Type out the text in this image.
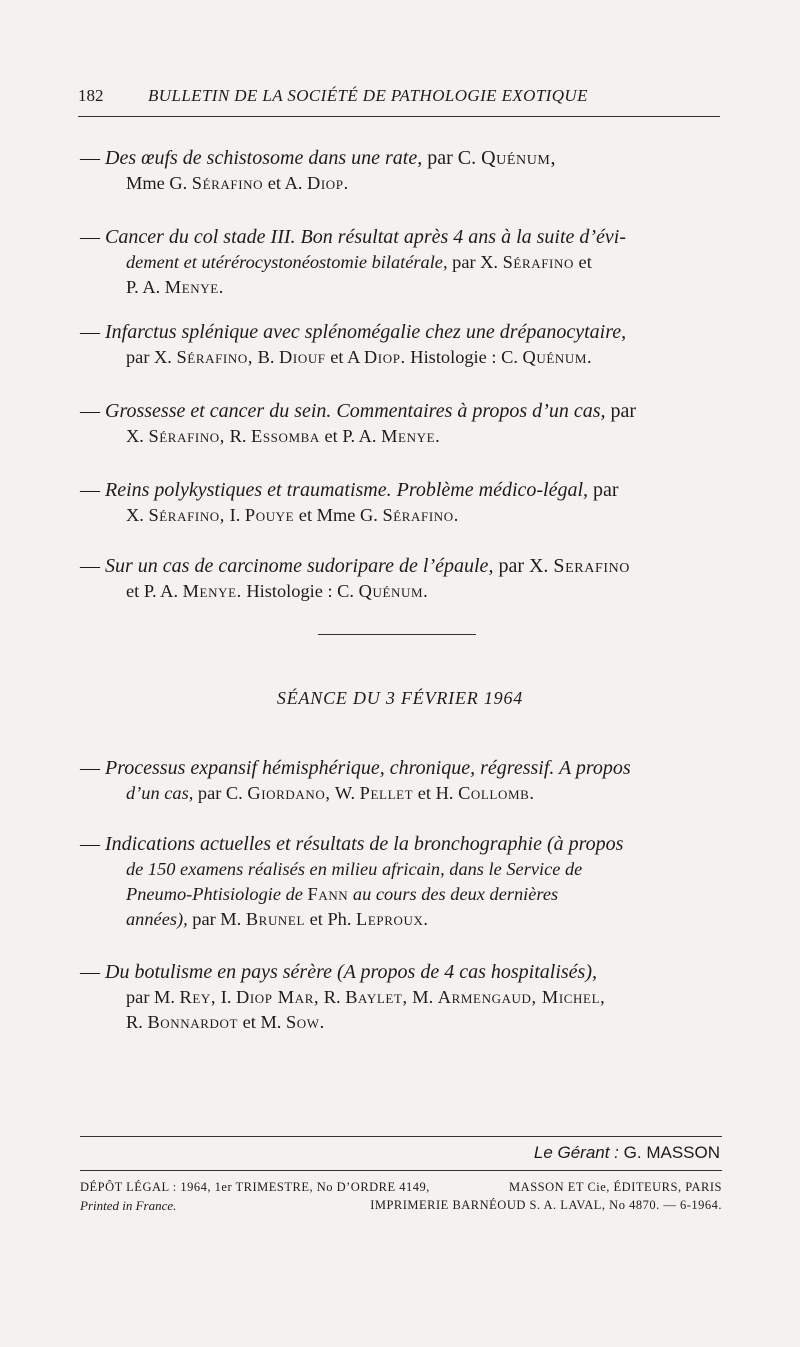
182	BULLETIN DE LA SOCIÉTÉ DE PATHOLOGIE EXOTIQUE
— Des œufs de schistosome dans une rate, par C. Quénum,
Mme G. Sérafino et A. Diop.
— Cancer du col stade III. Bon résultat après 4 ans à la suite d’évi-
dement et utérérocystonéostomie bilatérale, par X. Sérafino et
P. A. Menye.
— Infarctus splénique avec splénomégalie chez une drépanocytaire,
par X. Sérafino, B. Diouf et A Diop. Histologie : C. Quénum.
— Grossesse et cancer du sein. Commentaires à propos d’un cas, par
X. Sérafino, R. Essomba et P. A. Menye.
— Reins polykystiques et traumatisme. Problème médico-légal, par
X. Sérafino, I. Pouye et Mme G. Sérafino.
— Sur un cas de carcinome sudoripare de l’épaule, par X. Serafino
et P. A. Menye. Histologie : C. Quénum.
SÉANCE DU 3 FÉVRIER 1964
— Processus expansif hémisphérique, chronique, régressif. A propos
d’un cas, par C. Giordano, W. Pellet et H. Collomb.
— Indications actuelles et résultats de la bronchographie (à propos
de 150 examens réalisés en milieu africain, dans le Service de
Pneumo-Phtisiologie de Fann au cours des deux dernières
années), par M. Brunel et Ph. Leproux.
— Du botulisme en pays sérère (A propos de 4 cas hospitalisés),
par M. Rey, I. Diop Mar, R. Baylet, M. Armengaud, Michel,
R. Bonnardot et M. Sow.
Le Gérant : G. MASSON
DÉPÔT LÉGAL : 1964, 1er TRIMESTRE, No D’ORDRE 4149,	MASSON ET Cie, ÉDITEURS, PARIS
Printed in France.	IMPRIMERIE BARNÉOUD S. A. LAVAL, No 4870. — 6-1964.
